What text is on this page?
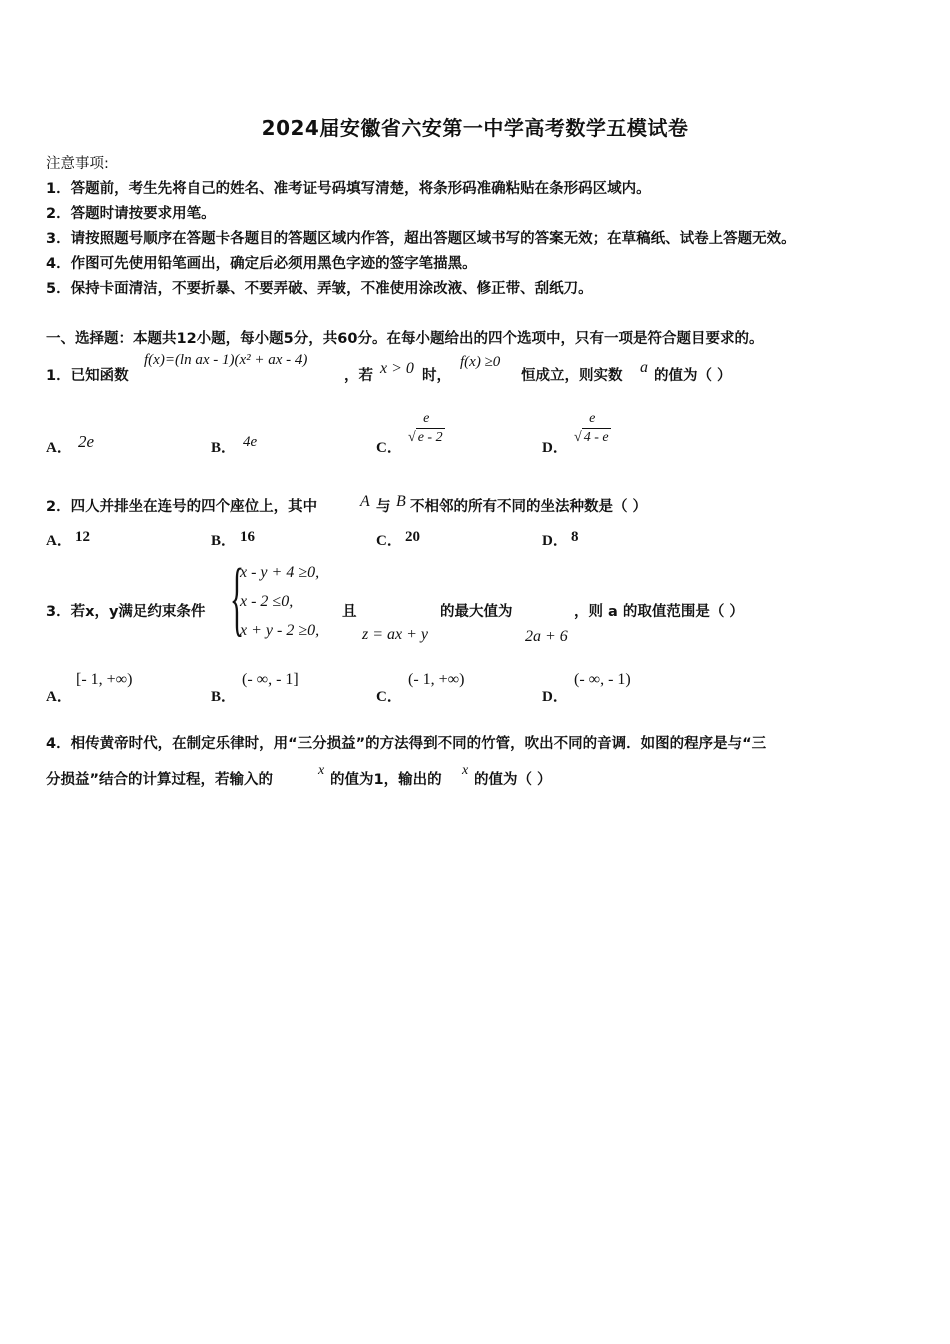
2024届安徽省六安第一中学高考数学五模试卷
注意事项:
1．答题前，考生先将自己的姓名、准考证号码填写清楚，将条形码准确粘贴在条形码区域内。
2．答题时请按要求用笔。
3．请按照题号顺序在答题卡各题目的答题区域内作答，超出答题区域书写的答案无效；在草稿纸、试卷上答题无效。
4．作图可先使用铅笔画出，确定后必须用黑色字迹的签字笔描黑。
5．保持卡面清洁，不要折暴、不要弄破、弄皱，不准使用涂改液、修正带、刮纸刀。
一、选择题：本题共12小题，每小题5分，共60分。在每小题给出的四个选项中，只有一项是符合题目要求的。
1．已知函数
f(x)=(ln ax - 1)(x² + ax - 4)
，若 x > 0 时，
f(x) ≥0
恒成立，则实数 a 的值为（ ）
A． 2e	B． 4e	C．
e
√ e - 2
D．
e
√ 4 - e
2．四人并排坐在连号的四个座位上，其中	A 与 B 不相邻的所有不同的坐法种数是（ ）
A． 12	B． 16	C． 20	D． 8
3．若x，y满足约束条件 {
x - y + 4 ≥0,
x - 2 ≤0,
x + y - 2 ≥0,
且
z = ax + y
的最大值为
2a + 6
，则 a 的取值范围是（ ）
A．
[- 1, +∞)
B．
(- ∞, - 1]
C．
(- 1, +∞)
D．
(- ∞, - 1)
4．相传黄帝时代，在制定乐律时，用“三分损益”的方法得到不同的竹管，吹出不同的音调．如图的程序是与“三
分损益”结合的计算过程，若输入的
x
的值为1，输出的
x
的值为（ ）
